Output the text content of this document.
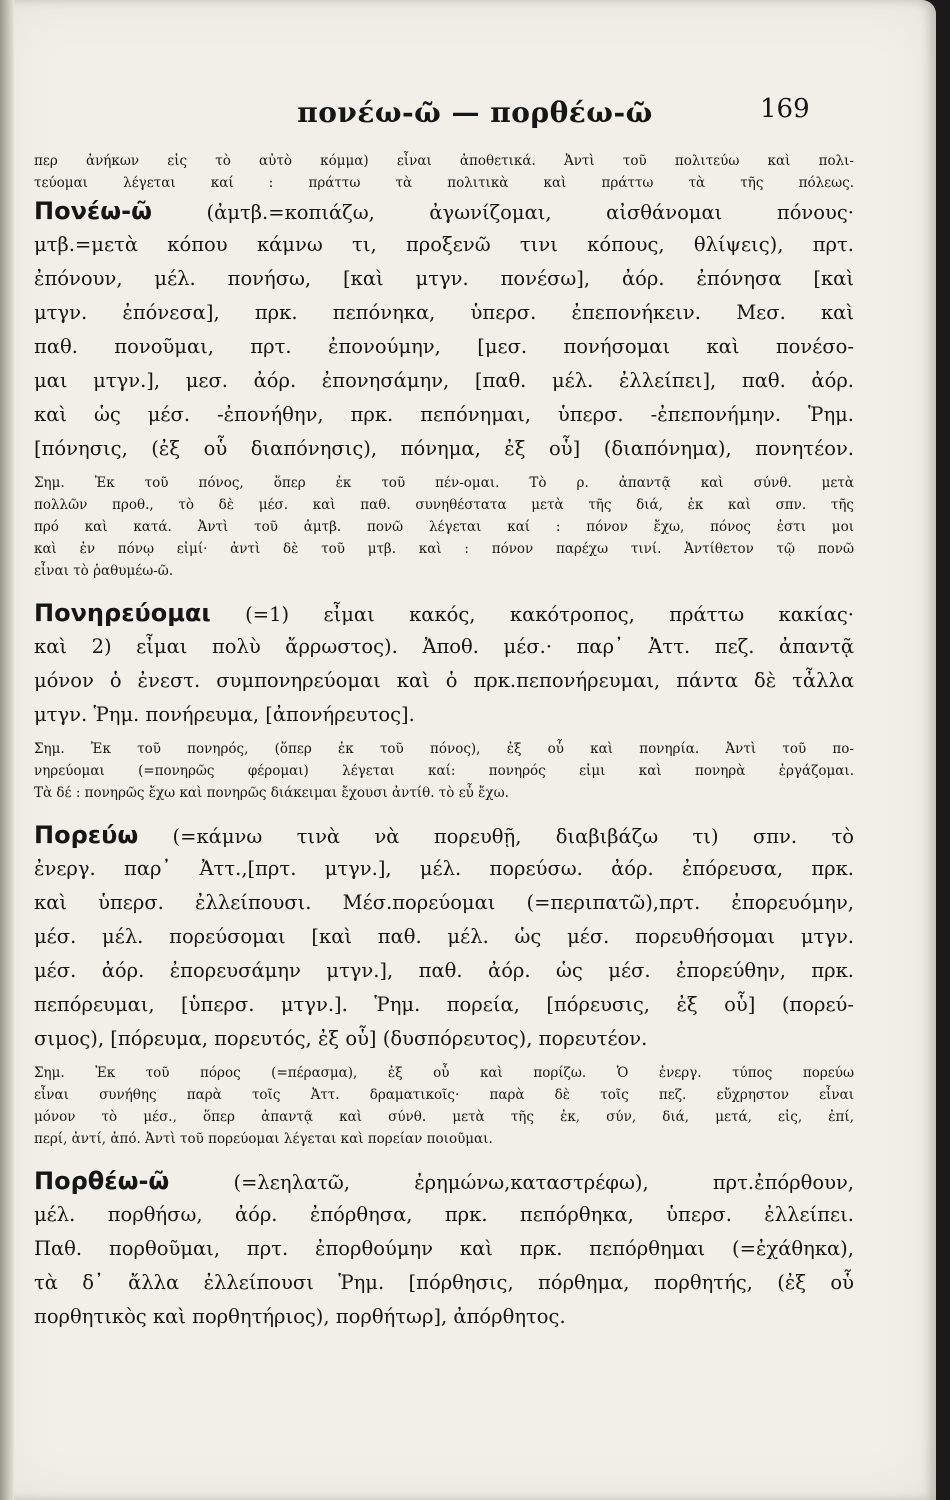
πονέω-ῶ — πορθέω-ῶ	169
περ ἀνήκων εἰς τὸ αὐτὸ κόμμα) εἶναι ἀποθετικά. Ἀντὶ τοῦ πολιτεύω καὶ πολι-
τεύομαι λέγεται καί : πράττω τὰ πολιτικὰ καὶ πράττω τὰ τῆς πόλεως.
Πονέω-ῶ	(ἀμτβ.=κοπιάζω, ἀγωνίζομαι, αἰσθάνομαι πόνους·
μτβ.=μετὰ κόπου κάμνω τι, προξενῶ τινι κόπους, θλίψεις), πρτ.
ἐπόνουν, μέλ. πονήσω, [καὶ μτγν. πονέσω], ἀόρ. ἐπόνησα [καὶ
μτγν. ἐπόνεσα], πρκ. πεπόνηκα, ὑπερσ. ἐπεπονήκειν. Μεσ. καὶ
παθ. πονοῦμαι, πρτ. ἐπονούμην, [μεσ. πονήσομαι καὶ πονέσο-
μαι μτγν.], μεσ. ἀόρ. ἐπονησάμην, [παθ. μέλ. ἐλλείπει], παθ. ἀόρ.
καὶ ὡς μέσ. -ἐπονήθην, πρκ. πεπόνημαι, ὑπερσ. -ἐπεπονήμην. Ῥημ.
[πόνησις, (ἐξ οὗ διαπόνησις), πόνημα, ἐξ οὗ] (διαπόνημα), πονητέον.
Σημ. Ἐκ τοῦ πόνος, ὅπερ ἐκ τοῦ πέν-ομαι. Τὸ ρ. ἀπαντᾷ καὶ σύνθ. μετὰ
πολλῶν προθ., τὸ δὲ μέσ. καὶ παθ. συνηθέστατα μετὰ τῆς διά, ἐκ καὶ σπν. τῆς
πρό καὶ κατά. Ἀντὶ τοῦ ἀμτβ. πονῶ λέγεται καί : πόνον ἔχω, πόνος ἐστι μοι
καὶ ἐν πόνῳ εἰμί· ἀντὶ δὲ τοῦ μτβ. καὶ : πόνον παρέχω τινί. Ἀντίθετον τῷ πονῶ
εἶναι τὸ ῥαθυμέω-ῶ.
Πονηρεύομαι (=1) εἶμαι κακός, κακότροπος, πράττω κακίας·
καὶ 2) εἶμαι πολὺ ἄρρωστος). Ἀποθ. μέσ.· παρ᾽ Ἀττ. πεζ. ἀπαντᾷ
μόνον ὁ ἐνεστ. συμπονηρεύομαι καὶ ὁ πρκ.πεπονήρευμαι, πάντα δὲ τἆλλα
μτγν. Ῥημ. πονήρευμα, [ἀπονήρευτος].
Σημ. Ἐκ τοῦ πονηρός, (ὅπερ ἐκ τοῦ πόνος), ἐξ οὗ καὶ πονηρία. Ἀντὶ τοῦ πο-
νηρεύομαι (=πονηρῶς φέρομαι) λέγεται καί: πονηρός εἰμι καὶ πονηρὰ ἐργάζομαι.
Τὰ δέ : πονηρῶς ἔχω καὶ πονηρῶς διάκειμαι ἔχουσι ἀντίθ. τὸ εὖ ἔχω.
Πορεύω (=κάμνω τινὰ νὰ πορευθῇ, διαβιβάζω τι) σπν. τὸ
ἐνεργ. παρ᾽ Ἀττ.,[πρτ. μτγν.], μέλ. πορεύσω. ἀόρ. ἐπόρευσα, πρκ.
καὶ ὑπερσ. ἐλλείπουσι. Μέσ.πορεύομαι (=περιπατῶ),πρτ. ἐπορευόμην,
μέσ. μέλ. πορεύσομαι [καὶ παθ. μέλ. ὡς μέσ. πορευθήσομαι μτγν.
μέσ. ἀόρ. ἐπορευσάμην μτγν.], παθ. ἀόρ. ὡς μέσ. ἐπορεύθην, πρκ.
πεπόρευμαι, [ὑπερσ. μτγν.]. Ῥημ. πορεία, [πόρευσις, ἐξ οὗ] (πορεύ-
σιμος), [πόρευμα, πορευτός, ἐξ οὗ] (δυσπόρευτος), πορευτέον.
Σημ. Ἐκ τοῦ πόρος (=πέρασμα), ἐξ οὗ καὶ πορίζω. Ὁ ἐνεργ. τύπος πορεύω
εἶναι συνήθης παρὰ τοῖς Ἀττ. δραματικοῖς· παρὰ δὲ τοῖς πεζ. εὔχρηστον εἶναι
μόνον τὸ μέσ., ὅπερ ἀπαντᾷ καὶ σύνθ. μετὰ τῆς ἐκ, σύν, διά, μετά, εἰς, ἐπί,
περί, ἀντί, ἀπό. Ἀντὶ τοῦ πορεύομαι λέγεται καὶ πορείαν ποιοῦμαι.
Πορθέω-ῶ	(=λεηλατῶ, ἐρημώνω,καταστρέφω), πρτ.ἐπόρθουν,
μέλ. πορθήσω, ἀόρ. ἐπόρθησα, πρκ. πεπόρθηκα, ὑπερσ. ἐλλείπει.
Παθ. πορθοῦμαι, πρτ. ἐπορθούμην καὶ πρκ. πεπόρθημαι (=ἐχάθηκα),
τὰ δ᾽ ἄλλα ἐλλείπουσι Ῥημ. [πόρθησις, πόρθημα, πορθητής, (ἐξ οὗ
πορθητικὸς καὶ πορθητήριος), πορθήτωρ], ἀπόρθητος.
